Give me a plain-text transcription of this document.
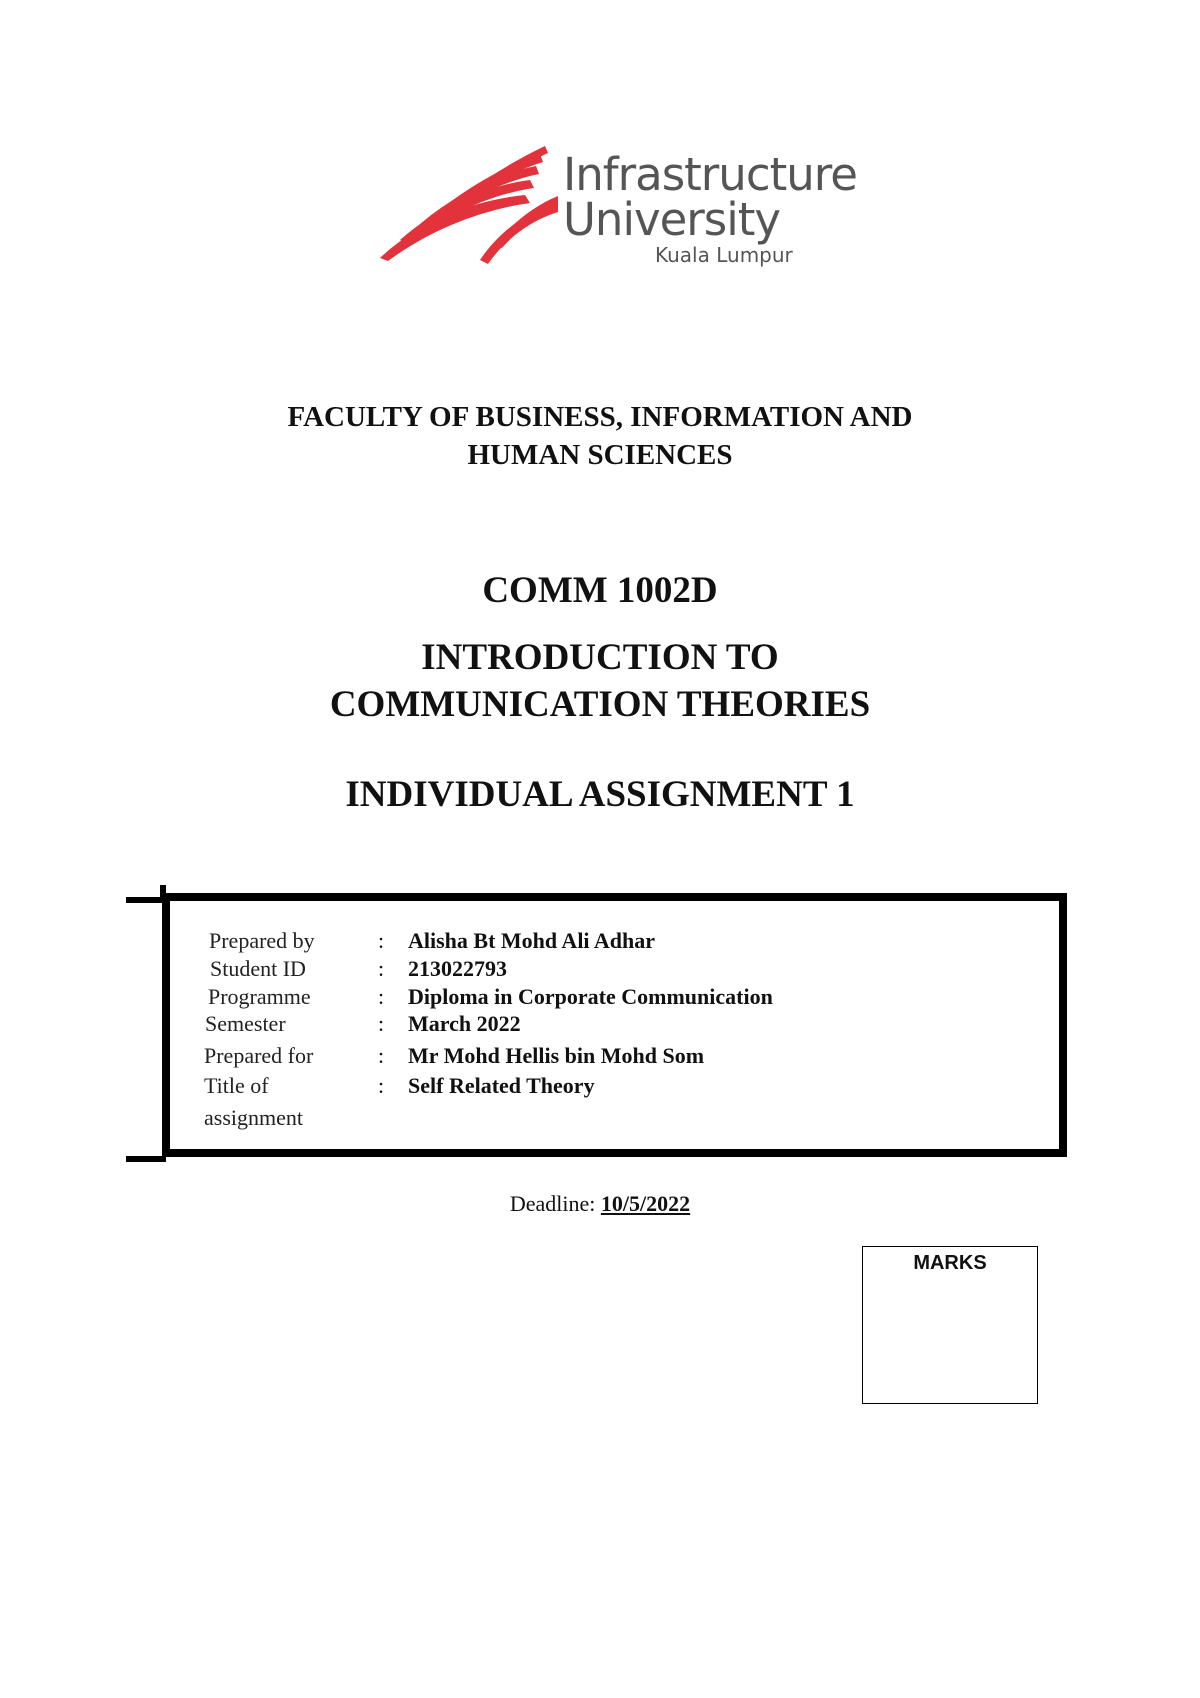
Infrastructure
University
Kuala Lumpur
FACULTY OF BUSINESS, INFORMATION AND
HUMAN SCIENCES
COMM 1002D
INTRODUCTION TO
COMMUNICATION THEORIES
INDIVIDUAL ASSIGNMENT 1
Prepared by	: Alisha Bt Mohd Ali Adhar
Student ID	: 213022793
Programme	: Diploma in Corporate Communication
Semester	: March 2022
Prepared for	: Mr Mohd Hellis bin Mohd Som
Title of	: Self Related Theory
assignment
Deadline: 10/5/2022
MARKS
